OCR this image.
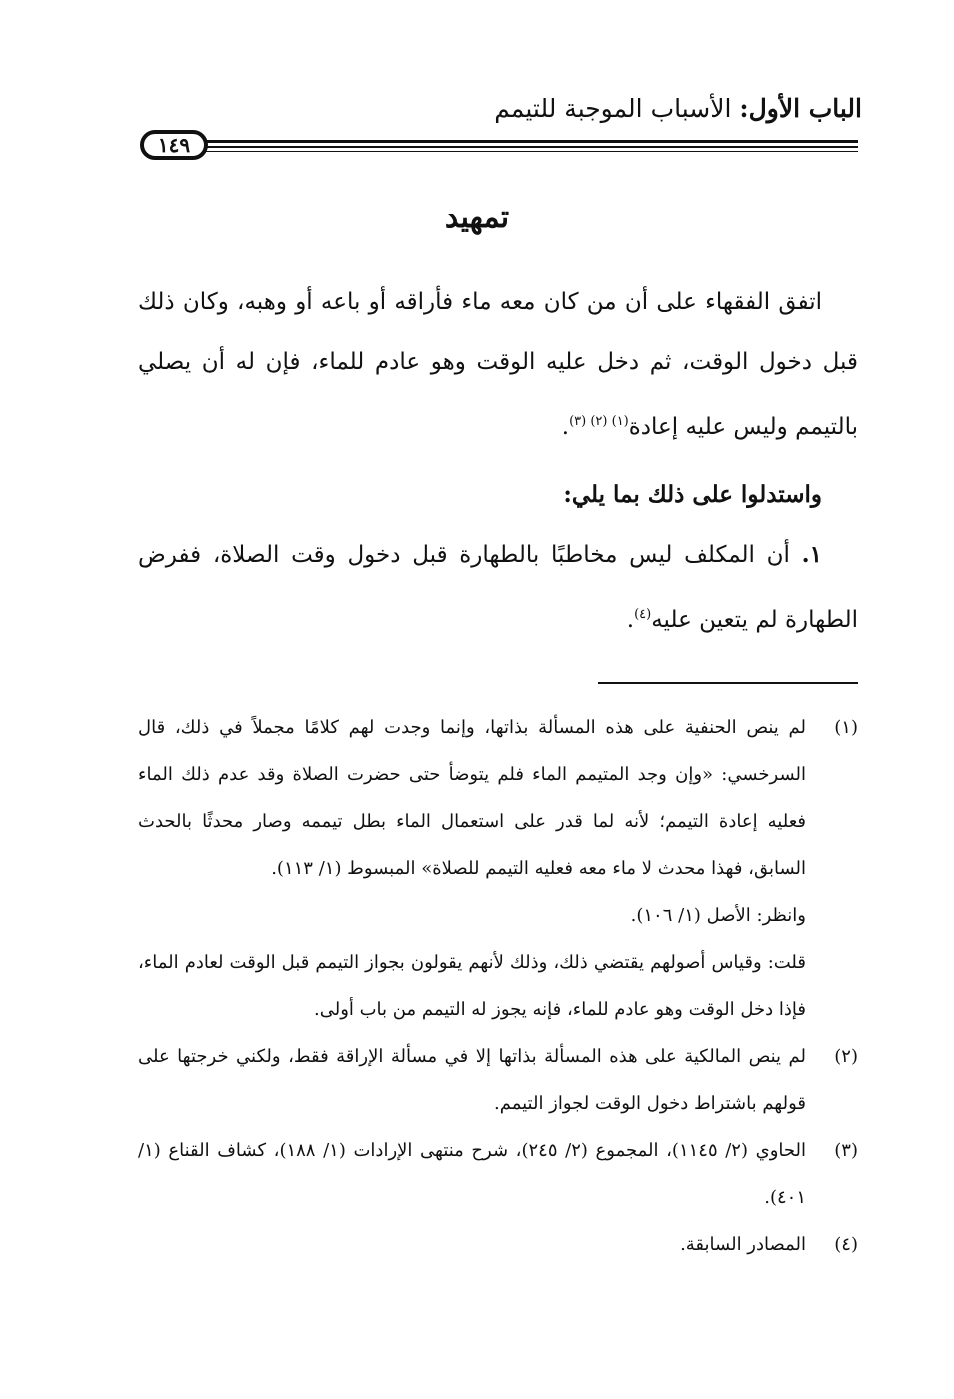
الباب الأول: الأسباب الموجبة للتيمم
١٤٩
تمهيد

اتفق الفقهاء على أن من كان معه ماء فأراقه أو باعه أو وهبه، وكان ذلك قبل دخول الوقت، ثم دخل عليه الوقت وهو عادم للماء، فإن له أن يصلي بالتيمم وليس عليه إعادة$^{(١) (٢) (٣)}$.

واستدلوا على ذلك بما يلي:

١. أن المكلف ليس مخاطبًا بالطهارة قبل دخول وقت الصلاة، ففرض الطهارة لم يتعين عليه$^{(٤)}$.

(١)

لم ينص الحنفية على هذه المسألة بذاتها، وإنما وجدت لهم كلامًا مجملاً في ذلك، قال السرخسي: «وإن وجد المتيمم الماء فلم يتوضأ حتى حضرت الصلاة وقد عدم ذلك الماء فعليه إعادة التيمم؛ لأنه لما قدر على استعمال الماء بطل تيممه وصار محدثًا بالحدث السابق، فهذا محدث لا ماء معه فعليه التيمم للصلاة» المبسوط (١/ ١١٣).

وانظر: الأصل (١/ ١٠٦).

قلت: وقياس أصولهم يقتضي ذلك، وذلك لأنهم يقولون بجواز التيمم قبل الوقت لعادم الماء، فإذا دخل الوقت وهو عادم للماء، فإنه يجوز له التيمم من باب أولى.

(٢)

لم ينص المالكية على هذه المسألة بذاتها إلا في مسألة الإراقة فقط، ولكني خرجتها على قولهم باشتراط دخول الوقت لجواز التيمم.

(٣)

الحاوي (٢/ ١١٤٥)، المجموع (٢/ ٢٤٥)، شرح منتهى الإرادات (١/ ١٨٨)، كشاف القناع (١/ ٤٠١).

(٤)

المصادر السابقة.
